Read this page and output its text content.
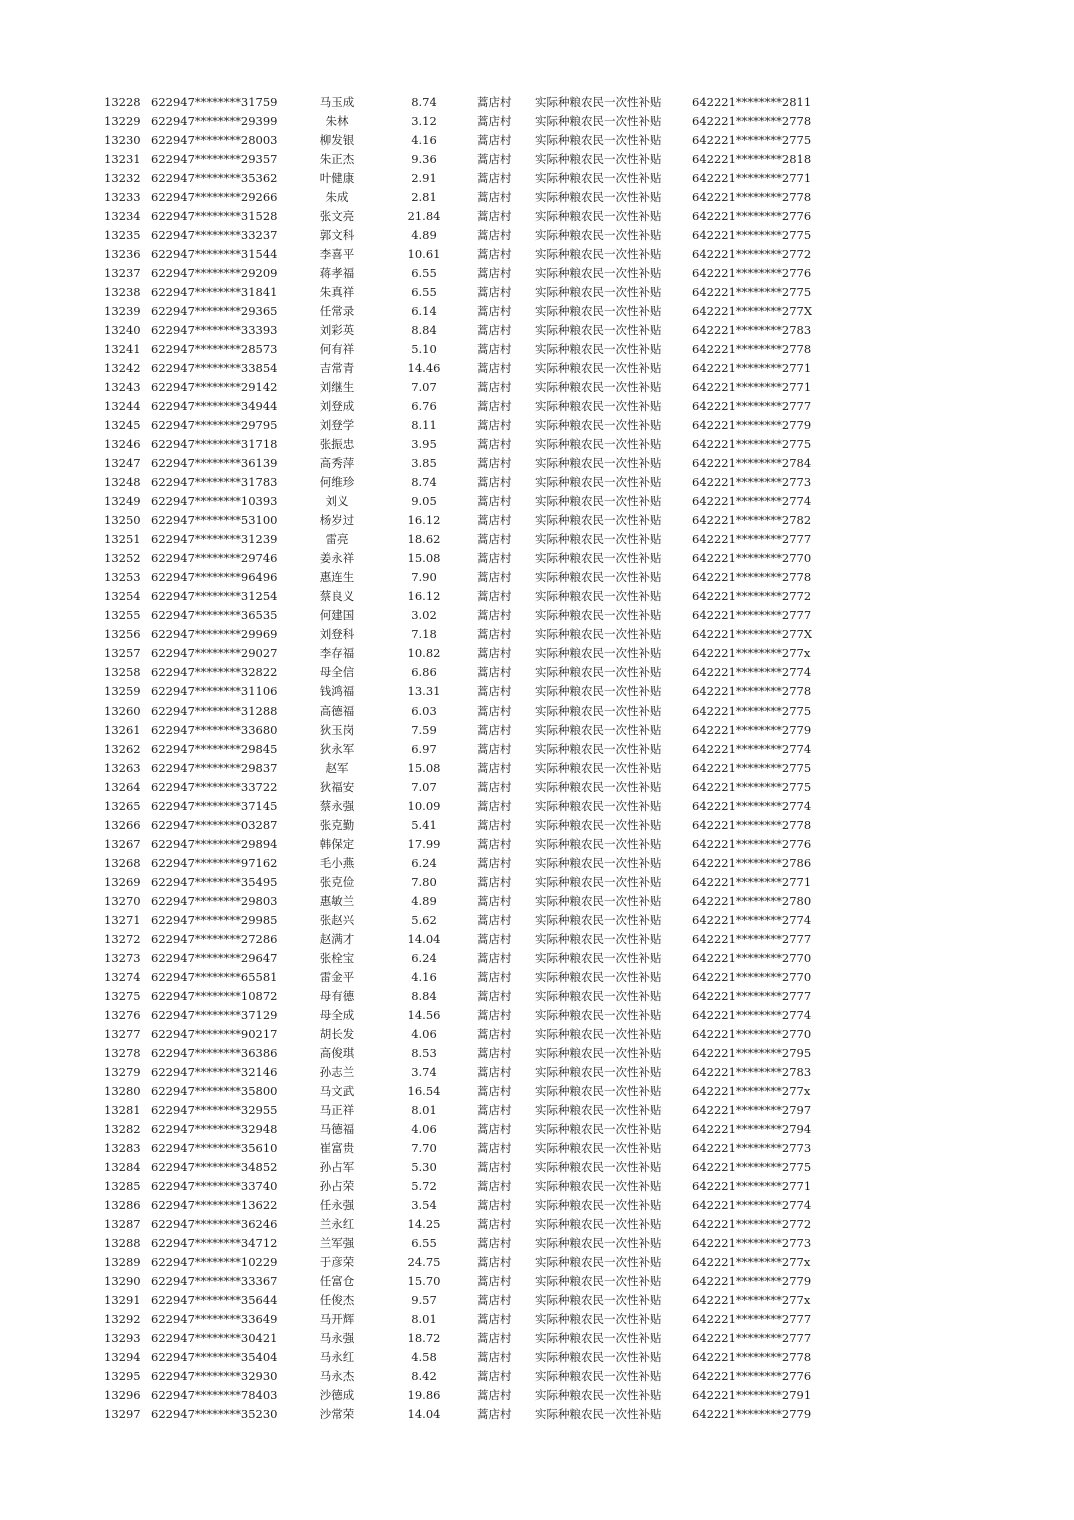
13228 622947********31759	马玉成	8.74	蒿店村 实际种粮农民一次性补贴	642221********2811
13229 622947********29399	朱林	3.12	蒿店村 实际种粮农民一次性补贴	642221********2778
13230 622947********28003	柳发银	4.16	蒿店村 实际种粮农民一次性补贴	642221********2775
13231 622947********29357	朱正杰	9.36	蒿店村 实际种粮农民一次性补贴	642221********2818
13232 622947********35362	叶健康	2.91	蒿店村 实际种粮农民一次性补贴	642221********2771
13233 622947********29266	朱成	2.81	蒿店村 实际种粮农民一次性补贴	642221********2778
13234 622947********31528	张文亮	21.84	蒿店村 实际种粮农民一次性补贴	642221********2776
13235 622947********33237	郭文科	4.89	蒿店村 实际种粮农民一次性补贴	642221********2775
13236 622947********31544	李喜平	10.61	蒿店村 实际种粮农民一次性补贴	642221********2772
13237 622947********29209	蒋孝福	6.55	蒿店村 实际种粮农民一次性补贴	642221********2776
13238 622947********31841	朱真祥	6.55	蒿店村 实际种粮农民一次性补贴	642221********2775
13239 622947********29365	任常录	6.14	蒿店村 实际种粮农民一次性补贴	642221********277X
13240 622947********33393	刘彩英	8.84	蒿店村 实际种粮农民一次性补贴	642221********2783
13241 622947********28573	何有祥	5.10	蒿店村 实际种粮农民一次性补贴	642221********2778
13242 622947********33854	吉常青	14.46	蒿店村 实际种粮农民一次性补贴	642221********2771
13243 622947********29142	刘继生	7.07	蒿店村 实际种粮农民一次性补贴	642221********2771
13244 622947********34944	刘登成	6.76	蒿店村 实际种粮农民一次性补贴	642221********2777
13245 622947********29795	刘登学	8.11	蒿店村 实际种粮农民一次性补贴	642221********2779
13246 622947********31718	张振忠	3.95	蒿店村 实际种粮农民一次性补贴	642221********2775
13247 622947********36139	高秀萍	3.85	蒿店村 实际种粮农民一次性补贴	642221********2784
13248 622947********31783	何维珍	8.74	蒿店村 实际种粮农民一次性补贴	642221********2773
13249 622947********10393	刘义	9.05	蒿店村 实际种粮农民一次性补贴	642221********2774
13250 622947********53100	杨岁过	16.12	蒿店村 实际种粮农民一次性补贴	642221********2782
13251 622947********31239	雷亮	18.62	蒿店村 实际种粮农民一次性补贴	642221********2777
13252 622947********29746	姜永祥	15.08	蒿店村 实际种粮农民一次性补贴	642221********2770
13253 622947********96496	惠连生	7.90	蒿店村 实际种粮农民一次性补贴	642221********2778
13254 622947********31254	蔡良义	16.12	蒿店村 实际种粮农民一次性补贴	642221********2772
13255 622947********36535	何建国	3.02	蒿店村 实际种粮农民一次性补贴	642221********2777
13256 622947********29969	刘登科	7.18	蒿店村 实际种粮农民一次性补贴	642221********277X
13257 622947********29027	李存福	10.82	蒿店村 实际种粮农民一次性补贴	642221********277x
13258 622947********32822	母全信	6.86	蒿店村 实际种粮农民一次性补贴	642221********2774
13259 622947********31106	钱鸿福	13.31	蒿店村 实际种粮农民一次性补贴	642221********2778
13260 622947********31288	高德福	6.03	蒿店村 实际种粮农民一次性补贴	642221********2775
13261 622947********33680	狄玉岗	7.59	蒿店村 实际种粮农民一次性补贴	642221********2779
13262 622947********29845	狄永军	6.97	蒿店村 实际种粮农民一次性补贴	642221********2774
13263 622947********29837	赵军	15.08	蒿店村 实际种粮农民一次性补贴	642221********2775
13264 622947********33722	狄福安	7.07	蒿店村 实际种粮农民一次性补贴	642221********2775
13265 622947********37145	蔡永强	10.09	蒿店村 实际种粮农民一次性补贴	642221********2774
13266 622947********03287	张克勤	5.41	蒿店村 实际种粮农民一次性补贴	642221********2778
13267 622947********29894	韩保定	17.99	蒿店村 实际种粮农民一次性补贴	642221********2776
13268 622947********97162	毛小燕	6.24	蒿店村 实际种粮农民一次性补贴	642221********2786
13269 622947********35495	张克俭	7.80	蒿店村 实际种粮农民一次性补贴	642221********2771
13270 622947********29803	惠敏兰	4.89	蒿店村 实际种粮农民一次性补贴	642221********2780
13271 622947********29985	张赵兴	5.62	蒿店村 实际种粮农民一次性补贴	642221********2774
13272 622947********27286	赵满才	14.04	蒿店村 实际种粮农民一次性补贴	642221********2777
13273 622947********29647	张栓宝	6.24	蒿店村 实际种粮农民一次性补贴	642221********2770
13274 622947********65581	雷金平	4.16	蒿店村 实际种粮农民一次性补贴	642221********2770
13275 622947********10872	母有德	8.84	蒿店村 实际种粮农民一次性补贴	642221********2777
13276 622947********37129	母全成	14.56	蒿店村 实际种粮农民一次性补贴	642221********2774
13277 622947********90217	胡长发	4.06	蒿店村 实际种粮农民一次性补贴	642221********2770
13278 622947********36386	高俊琪	8.53	蒿店村 实际种粮农民一次性补贴	642221********2795
13279 622947********32146	孙志兰	3.74	蒿店村 实际种粮农民一次性补贴	642221********2783
13280 622947********35800	马文武	16.54	蒿店村 实际种粮农民一次性补贴	642221********277x
13281 622947********32955	马正祥	8.01	蒿店村 实际种粮农民一次性补贴	642221********2797
13282 622947********32948	马德福	4.06	蒿店村 实际种粮农民一次性补贴	642221********2794
13283 622947********35610	崔富贵	7.70	蒿店村 实际种粮农民一次性补贴	642221********2773
13284 622947********34852	孙占军	5.30	蒿店村 实际种粮农民一次性补贴	642221********2775
13285 622947********33740	孙占荣	5.72	蒿店村 实际种粮农民一次性补贴	642221********2771
13286 622947********13622	任永强	3.54	蒿店村 实际种粮农民一次性补贴	642221********2774
13287 622947********36246	兰永红	14.25	蒿店村 实际种粮农民一次性补贴	642221********2772
13288 622947********34712	兰军强	6.55	蒿店村 实际种粮农民一次性补贴	642221********2773
13289 622947********10229	于彦荣	24.75	蒿店村 实际种粮农民一次性补贴	642221********277x
13290 622947********33367	任富仓	15.70	蒿店村 实际种粮农民一次性补贴	642221********2779
13291 622947********35644	任俊杰	9.57	蒿店村 实际种粮农民一次性补贴	642221********277x
13292 622947********33649	马开辉	8.01	蒿店村 实际种粮农民一次性补贴	642221********2777
13293 622947********30421	马永强	18.72	蒿店村 实际种粮农民一次性补贴	642221********2777
13294 622947********35404	马永红	4.58	蒿店村 实际种粮农民一次性补贴	642221********2778
13295 622947********32930	马永杰	8.42	蒿店村 实际种粮农民一次性补贴	642221********2776
13296 622947********78403	沙德成	19.86	蒿店村 实际种粮农民一次性补贴	642221********2791
13297 622947********35230	沙常荣	14.04	蒿店村 实际种粮农民一次性补贴	642221********2779
